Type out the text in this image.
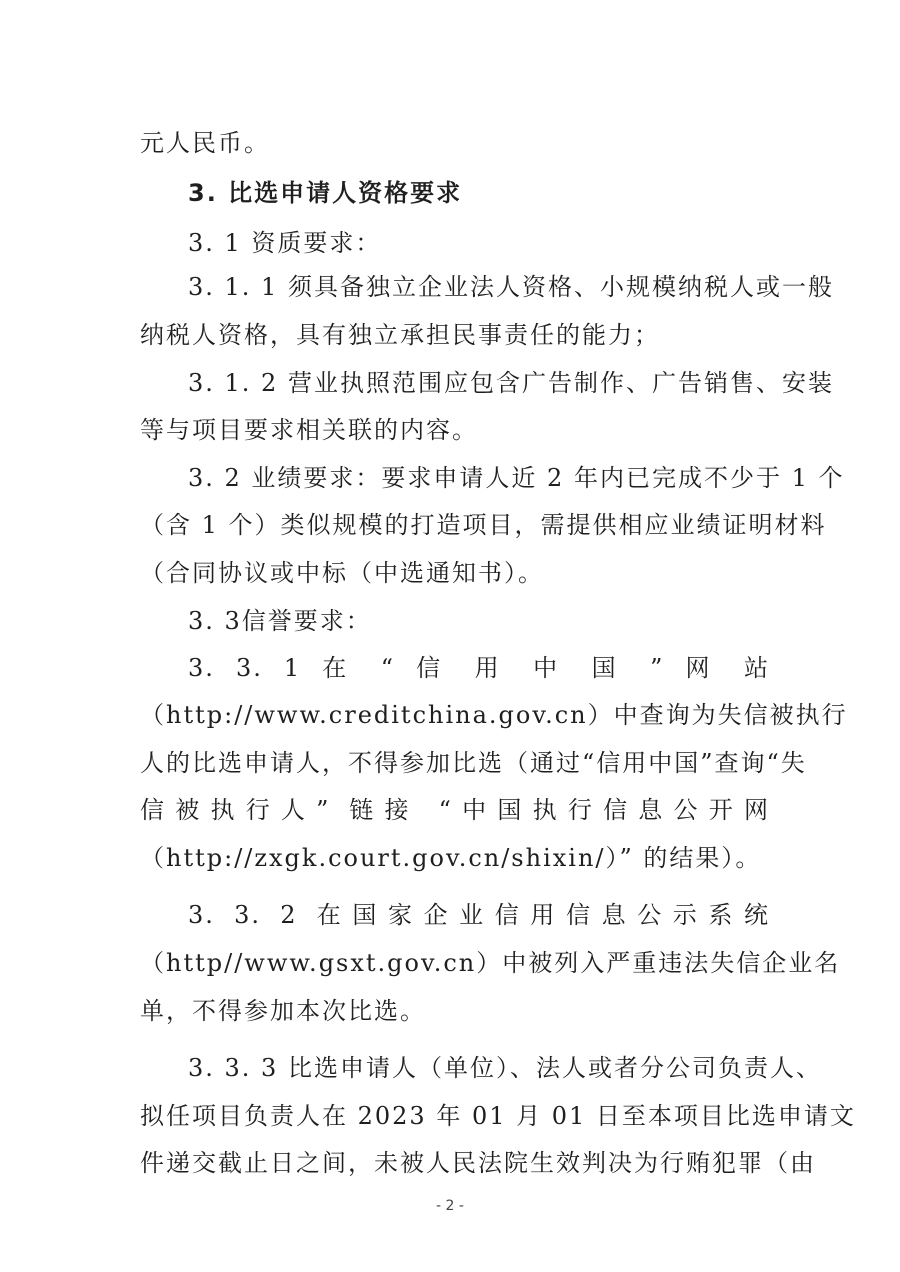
元人民币。
3. 比选申请人资格要求
3. 1 资质要求：
3. 1. 1 须具备独立企业法人资格、小规模纳税人或一般
纳税人资格，具有独立承担民事责任的能力；
3. 1. 2 营业执照范围应包含广告制作、广告销售、安装
等与项目要求相关联的内容。
3. 2 业绩要求：要求申请人近 2 年内已完成不少于 1 个
（含 1 个）类似规模的打造项目，需提供相应业绩证明材料
（合同协议或中标（中选通知书）。
3. 3信誉要求：
3. 3. 1 在 “ 信 用 中 国 ” 网 站
（http://www.creditchina.gov.cn）中查询为失信被执行
人的比选申请人，不得参加比选（通过“信用中国”查询“失
信被执行人” 链接 “中国执行信息公开网
（http://zxgk.court.gov.cn/shixin/）” 的结果）。
3. 3. 2 在国家企业信用信息公示系统
（http//www.gsxt.gov.cn）中被列入严重违法失信企业名
单，不得参加本次比选。
3. 3. 3 比选申请人（单位）、法人或者分公司负责人、
拟任项目负责人在 2023 年 01 月 01 日至本项目比选申请文
件递交截止日之间，未被人民法院生效判决为行贿犯罪（由
- 2 -
